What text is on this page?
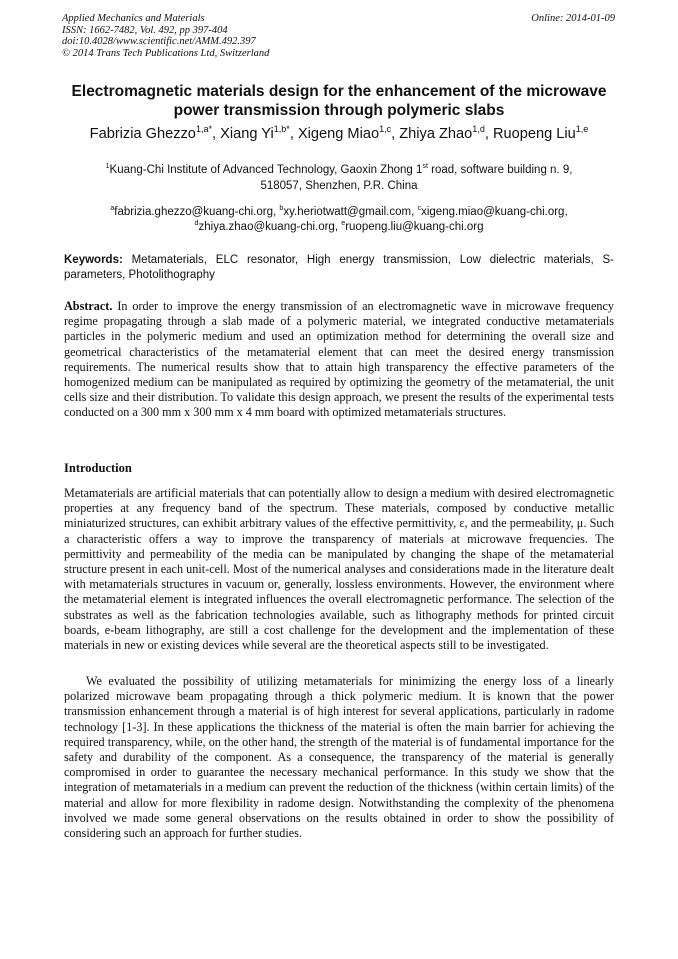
Applied Mechanics and Materials
ISSN: 1662-7482, Vol. 492, pp 397-404
doi:10.4028/www.scientific.net/AMM.492.397
© 2014 Trans Tech Publications Ltd, Switzerland
Online: 2014-01-09
Electromagnetic materials design for the enhancement of the microwave power transmission through polymeric slabs
Fabrizia Ghezzo$^{1,a*}$, Xiang $Yi^{1,b*}$, Xigeng Miao$^{1,c}$, Zhiya Zhao$^{1,d}$, Ruopeng Liu$^{1,e}$
$^1$Kuang-Chi Institute of Advanced Technology, Gaoxin Zhong 1st road, software building n. 9,
518057, Shenzhen, P.R. China
$^a$fabrizia.ghezzo@kuang-chi.org, $^b$xy.heriotwatt@gmail.com, $^c$xigeng.miao@kuang-chi.org,
$^d$zhiya.zhao@kuang-chi.org, $^e$ruopeng.liu@kuang-chi.org
Keywords: Metamaterials, ELC resonator, High energy transmission, Low dielectric materials, S-parameters, Photolithography

Abstract. In order to improve the energy transmission of an electromagnetic wave in microwave frequency regime propagating through a slab made of a polymeric material, we integrated conductive metamaterials particles in the polymeric medium and used an optimization method for determining the overall size and geometrical characteristics of the metamaterial element that can meet the desired energy transmission requirements. The numerical results show that to attain high transparency the effective parameters of the homogenized medium can be manipulated as required by optimizing the geometry of the metamaterial, the unit cells size and their distribution. To validate this design approach, we present the results of the experimental tests conducted on a 300 mm x 300 mm x 4 mm board with optimized metamaterials structures.

Introduction

Metamaterials are artificial materials that can potentially allow to design a medium with desired electromagnetic properties at any frequency band of the spectrum. These materials, composed by conductive metallic miniaturized structures, can exhibit arbitrary values of the effective permittivity, ε, and the permeability, μ. Such a characteristic offers a way to improve the transparency of materials at microwave frequencies. The permittivity and permeability of the media can be manipulated by changing the shape of the metamaterial structure present in each unit-cell. Most of the numerical analyses and considerations made in the literature dealt with metamaterials structures in vacuum or, generally, lossless environments. However, the environment where the metamaterial element is integrated influences the overall electromagnetic performance. The selection of the substrates as well as the fabrication technologies available, such as lithography methods for printed circuit boards, e-beam lithography, are still a cost challenge for the development and the implementation of these materials in new or existing devices while several are the theoretical aspects still to be investigated.

We evaluated the possibility of utilizing metamaterials for minimizing the energy loss of a linearly polarized microwave beam propagating through a thick polymeric medium. It is known that the power transmission enhancement through a material is of high interest for several applications, particularly in radome technology [1-3]. In these applications the thickness of the material is often the main barrier for achieving the required transparency, while, on the other hand, the strength of the material is of fundamental importance for the safety and durability of the component. As a consequence, the transparency of the material is generally compromised in order to guarantee the necessary mechanical performance. In this study we show that the integration of metamaterials in a medium can prevent the reduction of the thickness (within certain limits) of the material and allow for more flexibility in radome design. Notwithstanding the complexity of the phenomena involved we made some general observations on the results obtained in order to show the possibility of considering such an approach for further studies.
